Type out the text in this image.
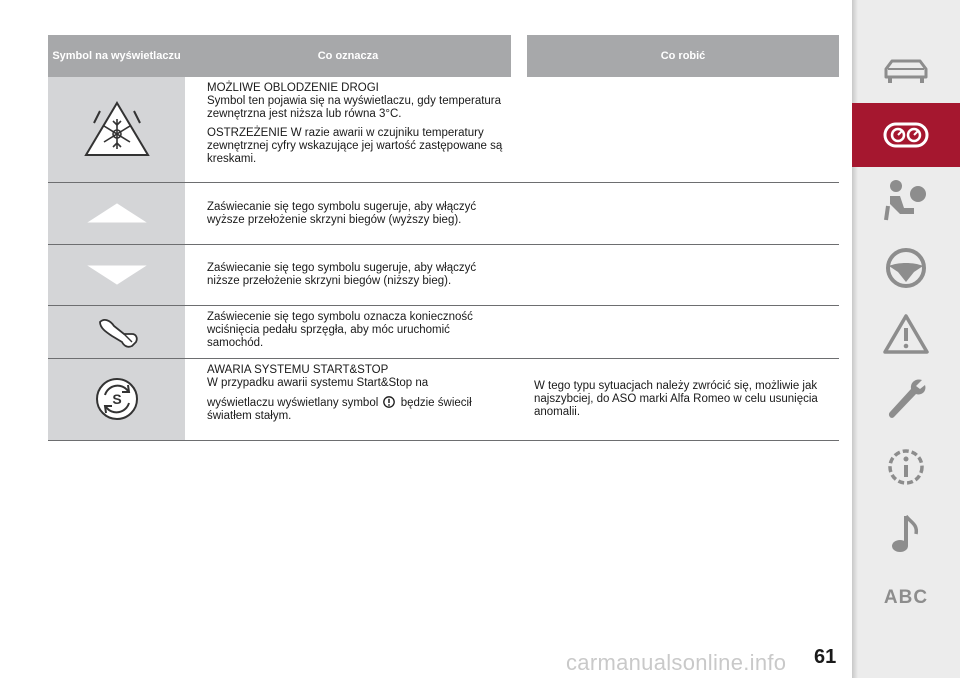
Symbol na wyświetlaczu	Co oznacza		Co robić

MOŻLIWE OBLODZENIE DROGI
Symbol ten pojawia się na wyświetlaczu, gdy temperatura zewnętrzna jest niższa lub równa 3°C.

OSTRZEŻENIE W razie awarii w czujniku temperatury zewnętrznej cyfry wskazujące jej wartość zastępowane są kreskami.		

	Zaświecanie się tego symbolu sugeruje, aby włączyć wyższe przełożenie skrzyni biegów (wyższy bieg).		

	Zaświecanie się tego symbolu sugeruje, aby włączyć niższe przełożenie skrzyni biegów (niższy bieg).		

	Zaświecenie się tego symbolu oznacza konieczność wciśnięcia pedału sprzęgła, aby móc uruchomić samochód.		

S	AWARIA SYSTEMU START&STOP
W przypadku awarii systemu Start&Stop na

wyświetlaczu wyświetlany symbol będzie świecił światłem stałym.		W tego typu sytuacjach należy zwrócić się, możliwie jak najszybciej, do ASO marki Alfa Romeo w celu usunięcia anomalii.
carmanualsonline.info 61
ABC
